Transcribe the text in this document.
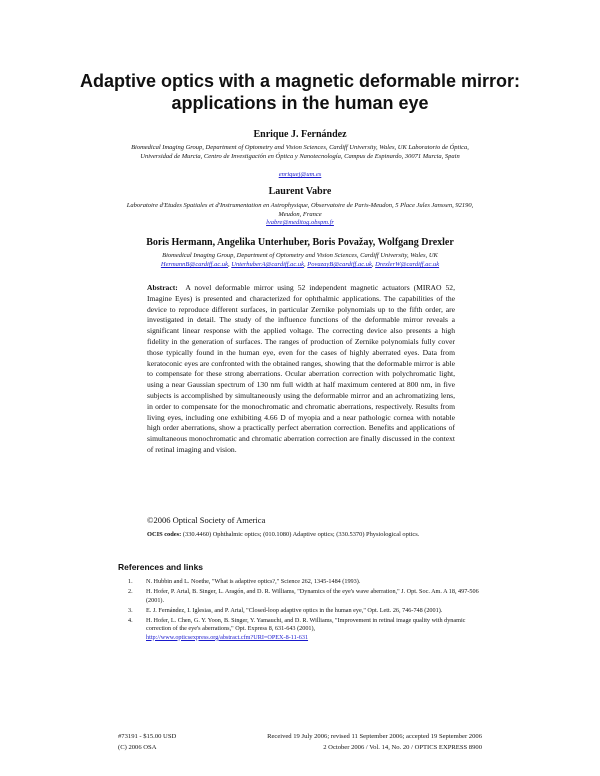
Adaptive optics with a magnetic deformable mirror: applications in the human eye
Enrique J. Fernández
Biomedical Imaging Group, Department of Optometry and Vision Sciences, Cardiff University, Wales, UK Laboratorio de Óptica, Universidad de Murcia, Centro de Investigación en Óptica y Nanotecnología, Campus de Espinardo, 30071 Murcia, Spain
enriquej@um.es
Laurent Vabre
Laboratoire d'Etudes Spatiales et d'Instrumentation en Astrophysique, Observatoire de Paris-Meudon, 5 Place Jules Janssen, 92190, Meudon, France
lvabre@meditog.obspm.fr
Boris Hermann, Angelika Unterhuber, Boris Považay, Wolfgang Drexler
Biomedical Imaging Group, Department of Optometry and Vision Sciences, Cardiff University, Wales, UK
HermannB@cardiff.ac.uk, UnterhuberA@cardiff.ac.uk, PovazayB@cardiff.ac.uk, DrexlerW@cardiff.ac.uk
Abstract: A novel deformable mirror using 52 independent magnetic actuators (MIRAO 52, Imagine Eyes) is presented and characterized for ophthalmic applications. The capabilities of the device to reproduce different surfaces, in particular Zernike polynomials up to the fifth order, are investigated in detail. The study of the influence functions of the deformable mirror reveals a significant linear response with the applied voltage. The correcting device also presents a high fidelity in the generation of surfaces. The ranges of production of Zernike polynomials fully cover those typically found in the human eye, even for the cases of highly aberrated eyes. Data from keratoconic eyes are confronted with the obtained ranges, showing that the deformable mirror is able to compensate for these strong aberrations. Ocular aberration correction with polychromatic light, using a near Gaussian spectrum of 130 nm full width at half maximum centered at 800 nm, in five subjects is accomplished by simultaneously using the deformable mirror and an achromatizing lens, in order to compensate for the monochromatic and chromatic aberrations, respectively. Results from living eyes, including one exhibiting 4.66 D of myopia and a near pathologic cornea with notable high order aberrations, show a practically perfect aberration correction. Benefits and applications of simultaneous monochromatic and chromatic aberration correction are finally discussed in the context of retinal imaging and vision.
©2006 Optical Society of America
OCIS codes: (330.4460) Ophthalmic optics; (010.1080) Adaptive optics; (330.5370) Physiological optics.
References and links
1. N. Hubbin and L. Noethe, "What is adaptive optics?," Science 262, 1345-1484 (1993).
2. H. Hofer, P. Artal, B. Singer, L. Aragón, and D. R. Williams, "Dynamics of the eye's wave aberration," J. Opt. Soc. Am. A 18, 497-506 (2001).
3. E. J. Fernández, I. Iglesias, and P. Artal, "Closed-loop adaptive optics in the human eye," Opt. Lett. 26, 746-748 (2001).
4. H. Hofer, L. Chen, G. Y. Yoon, B. Singer, Y. Yamauchi, and D. R. Williams, "Improvement in retinal image quality with dynamic correction of the eye's aberrations," Opt. Express 8, 631-643 (2001),
http://www.opticsexpress.org/abstract.cfm?URI=OPEX-8-11-631
#73191 - $15.00 USD	Received 19 July 2006; revised 11 September 2006; accepted 19 September 2006
(C) 2006 OSA	2 October 2006 / Vol. 14, No. 20 / OPTICS EXPRESS 8900
